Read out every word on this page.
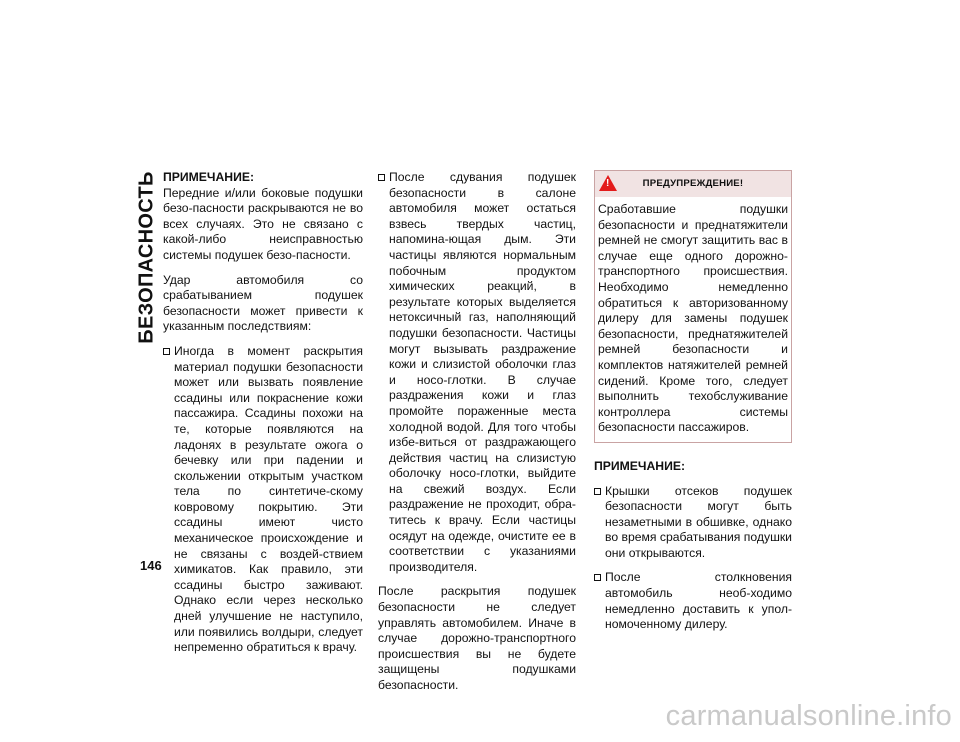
БЕЗОПАСНОСТЬ ПРИМЕЧАНИЕ:

Передние и/или боковые подушки безо-пасности раскрываются не во всех случаях. Это не связано с какой-либо неисправностью системы подушек безо-пасности.

Удар автомобиля со срабатыванием подушек безопасности может привести к указанным последствиям:

Иногда в момент раскрытия материал подушки безопасности может или вызвать появление ссадины или покраснение кожи пассажира. Ссадины похожи на те, которые появляются на ладонях в результате ожога о бечевку или при падении и скольжении открытым участком тела по синтетиче-скому ковровому покрытию. Эти ссадины имеют чисто механическое происхождение и не связаны с воздей-ствием химикатов. Как правило, эти ссадины быстро заживают. Однако если через несколько дней улучшение не наступило, или появились волдыри, следует непременно обратиться к врачу.
После сдувания подушек безопасности в салоне автомобиля может остаться взвесь твердых частиц, напомина-ющая дым. Эти частицы являются нормальным побочным продуктом химических реакций, в результате которых выделяется нетоксичный газ, наполняющий подушки безопасности. Частицы могут вызывать раздражение кожи и слизистой оболочки глаз и носо-глотки. В случае раздражения кожи и глаз промойте пораженные места холодной водой. Для того чтобы избе-виться от раздражающего действия частиц на слизистую оболочку носо-глотки, выйдите на свежий воздух. Если раздражение не проходит, обра-титесь к врачу. Если частицы осядут на одежде, очистите ее в соответствии с указаниями производителя.

После раскрытия подушек безопасности не следует управлять автомобилем. Иначе в случае дорожно-транспортного происшествия вы не будете защищены подушками безопасности.

!
ПРЕДУПРЕЖДЕНИЕ!
Сработавшие подушки безопасности и преднатяжители ремней не смогут защитить вас в случае еще одного дорожно-транспортного происшествия. Необходимо немедленно обратиться к авторизованному дилеру для замены подушек безопасности, преднатяжителей ремней безопасности и комплектов натяжителей ремней сидений. Кроме того, следует выполнить техобслуживание контроллера системы безопасности пассажиров.

ПРИМЕЧАНИЕ:

Крышки отсеков подушек безопасности могут быть незаметными в обшивке, однако во время срабатывания подушки они открываются.
После столкновения автомобиль необ-ходимо немедленно доставить к упол-номоченному дилеру.
146
carmanualsonline.info
